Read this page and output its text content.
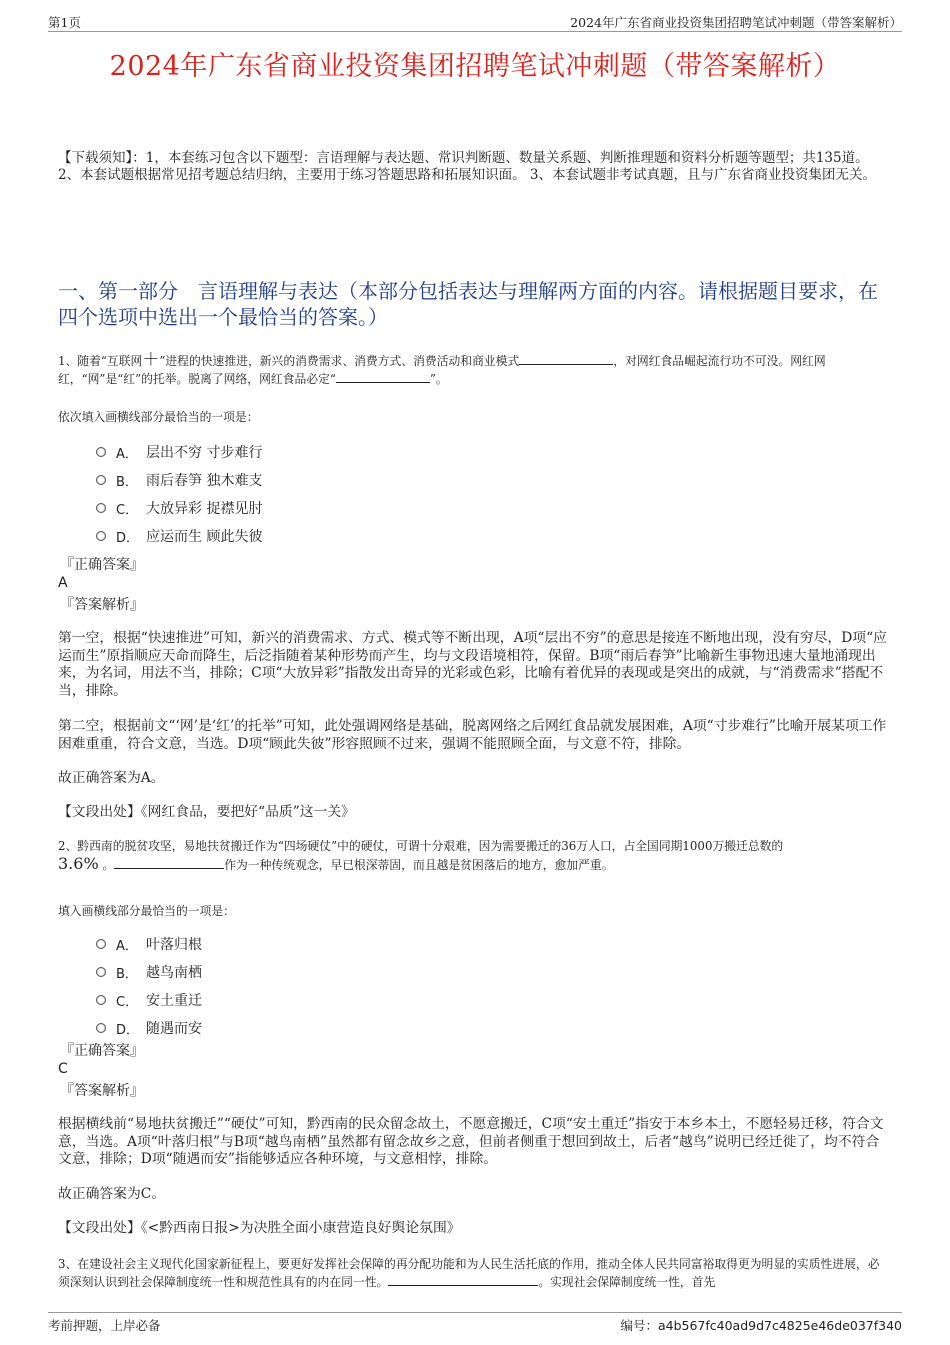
第1页	2024年广东省商业投资集团招聘笔试冲刺题（带答案解析）
2024年广东省商业投资集团招聘笔试冲刺题（带答案解析）
【下载须知】：1，本套练习包含以下题型：言语理解与表达题、常识判断题、数量关系题、判断推理题和资料分析题等题型；共135道。 2、本套试题根据常见招考题总结归纳，主要用于练习答题思路和拓展知识面。 3、本套试题非考试真题，且与广东省商业投资集团无关。
一、第一部分　言语理解与表达（本部分包括表达与理解两方面的内容。请根据题目要求，在四个选项中选出一个最恰当的答案。）
1、随着“互联网＋”进程的快速推进，新兴的消费需求、消费方式、消费活动和商业模式	，对网红食品崛起流行功不可没。网红网红，“网”是“红”的托举。脱离了网络，网红食品必定“	”。
依次填入画横线部分最恰当的一项是：
A． 层出不穷 寸步难行
B． 雨后春笋 独木难支
C． 大放异彩 捉襟见肘
D． 应运而生 顾此失彼
『正确答案』
A
『答案解析』
第一空，根据“快速推进”可知，新兴的消费需求、方式、模式等不断出现，A项“层出不穷”的意思是接连不断地出现，没有穷尽，D项“应运而生”原指顺应天命而降生，后泛指随着某种形势而产生，均与文段语境相符，保留。B项“雨后春笋”比喻新生事物迅速大量地涌现出来，为名词，用法不当，排除；C项“大放异彩”指散发出奇异的光彩或色彩，比喻有着优异的表现或是突出的成就，与“消费需求”搭配不当，排除。
第二空，根据前文“‘网’是‘红’的托举”可知，此处强调网络是基础，脱离网络之后网红食品就发展困难，A项“寸步难行”比喻开展某项工作困难重重，符合文意，当选。D项“顾此失彼”形容照顾不过来，强调不能照顾全面，与文意不符，排除。
故正确答案为A。
【文段出处】《网红食品，要把好“品质”这一关》
2、黔西南的脱贫攻坚，易地扶贫搬迁作为“四场硬仗”中的硬仗，可谓十分艰难，因为需要搬迁的36万人口，占全国同期1000万搬迁总数的
3.6% 。	作为一种传统观念，早已根深蒂固，而且越是贫困落后的地方，愈加严重。
填入画横线部分最恰当的一项是：
A． 叶落归根
B． 越鸟南栖
C． 安土重迁
D． 随遇而安
『正确答案』
C
『答案解析』
根据横线前“易地扶贫搬迁”“硬仗”可知，黔西南的民众留念故土，不愿意搬迁，C项“安土重迁”指安于本乡本土，不愿轻易迁移，符合文意，当选。A项“叶落归根”与B项“越鸟南栖”虽然都有留念故乡之意，但前者侧重于想回到故土，后者“越鸟”说明已经迁徙了，均不符合文意，排除；D项“随遇而安”指能够适应各种环境，与文意相悖，排除。
故正确答案为C。
【文段出处】《<黔西南日报>为决胜全面小康营造良好舆论氛围》
3、在建设社会主义现代化国家新征程上，要更好发挥社会保障的再分配功能和为人民生活托底的作用，推动全体人民共同富裕取得更为明显的实质性进展，必须深刻认识到社会保障制度统一性和规范性具有的内在同一性。	。实现社会保障制度统一性，首先
考前押题，上岸必备	编号：a4b567fc40ad9d7c4825e46de037f340
